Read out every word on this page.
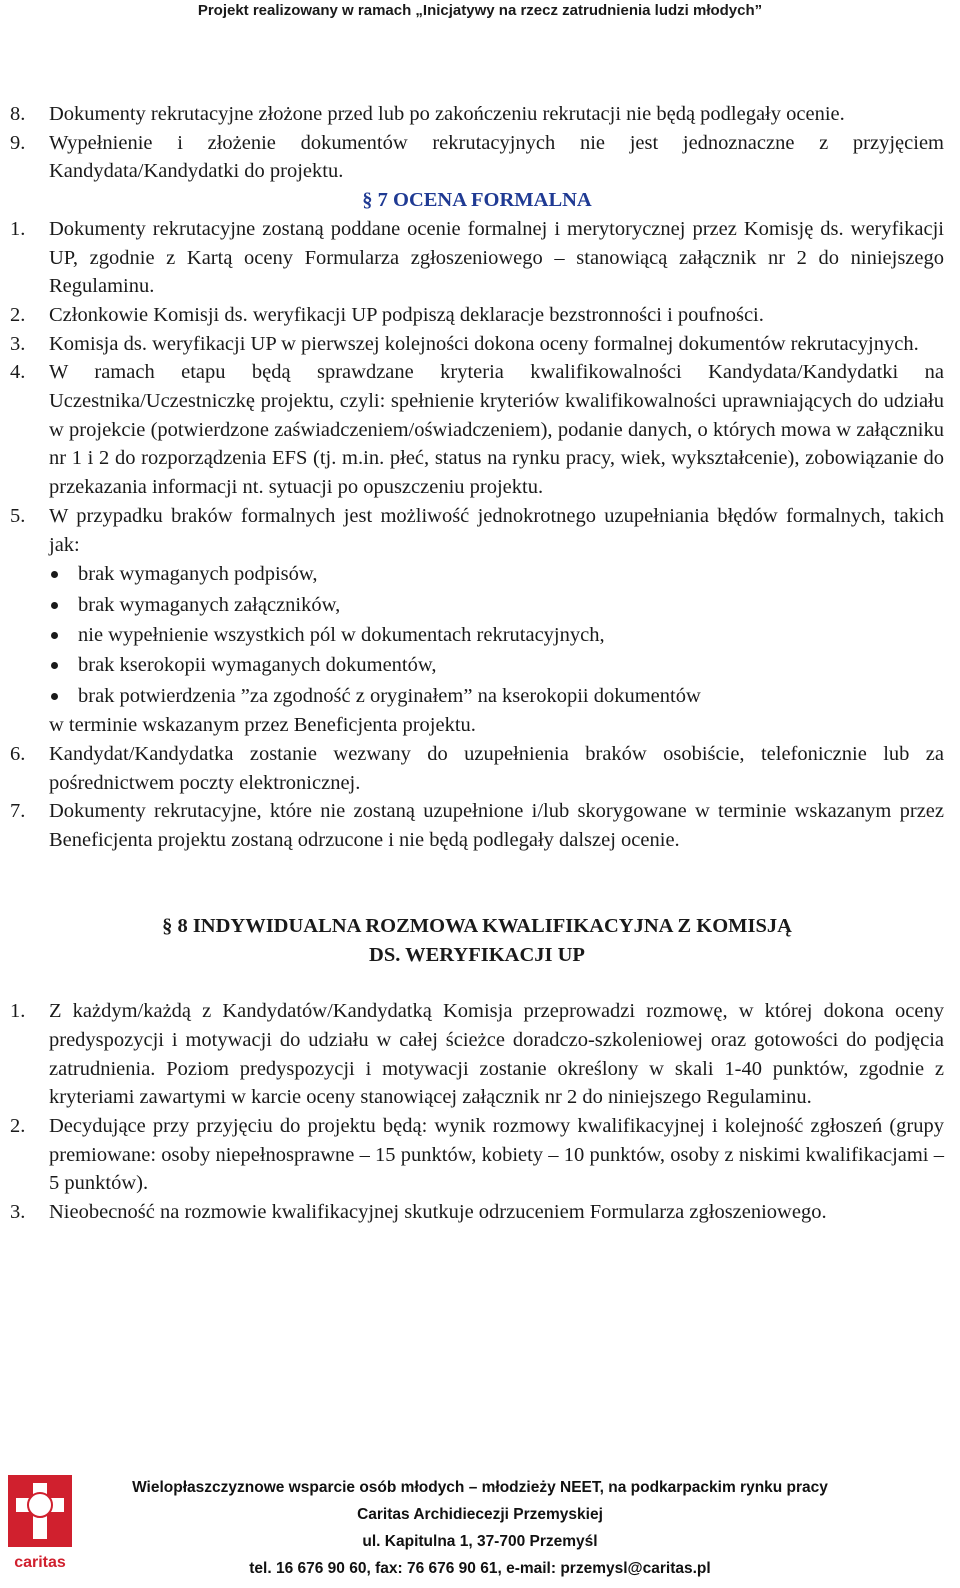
Projekt realizowany w ramach „Inicjatywy na rzecz zatrudnienia ludzi młodych”
8.	Dokumenty rekrutacyjne złożone przed lub po zakończeniu rekrutacji nie będą podlegały ocenie.
9.	Wypełnienie i złożenie dokumentów rekrutacyjnych nie jest jednoznaczne z przyjęciem Kandydata/Kandydatki do projektu.
§ 7 OCENA FORMALNA
1.	Dokumenty rekrutacyjne zostaną poddane ocenie formalnej i merytorycznej przez Komisję ds. weryfikacji UP, zgodnie z Kartą oceny Formularza zgłoszeniowego – stanowiącą załącznik nr 2 do niniejszego Regulaminu.
2.	Członkowie Komisji ds. weryfikacji UP podpiszą deklaracje bezstronności i poufności.
3.	Komisja ds. weryfikacji UP w pierwszej kolejności dokona oceny formalnej dokumentów rekrutacyjnych.
4.	W ramach etapu będą sprawdzane kryteria kwalifikowalności Kandydata/Kandydatki na Uczestnika/Uczestniczkę projektu, czyli: spełnienie kryteriów kwalifikowalności uprawniających do udziału w projekcie (potwierdzone zaświadczeniem/oświadczeniem), podanie danych, o których mowa w załączniku nr 1 i 2 do rozporządzenia EFS (tj. m.in. płeć, status na rynku pracy, wiek, wykształcenie), zobowiązanie do przekazania informacji nt. sytuacji po opuszczeniu projektu.
5.	W przypadku braków formalnych jest możliwość jednokrotnego uzupełniania błędów formalnych, takich jak:
brak wymaganych podpisów,
brak wymaganych załączników,
nie wypełnienie wszystkich pól w dokumentach rekrutacyjnych,
brak kserokopii wymaganych dokumentów,
brak potwierdzenia ”za zgodność z oryginałem” na kserokopii dokumentów
w terminie wskazanym przez Beneficjenta projektu.
6.	Kandydat/Kandydatka zostanie wezwany do uzupełnienia braków osobiście, telefonicznie lub za pośrednictwem poczty elektronicznej.
7.	Dokumenty rekrutacyjne, które nie zostaną uzupełnione i/lub skorygowane w terminie wskazanym przez Beneficjenta projektu zostaną odrzucone i nie będą podlegały dalszej ocenie.
§ 8 INDYWIDUALNA ROZMOWA KWALIFIKACYJNA Z KOMISJĄ
DS. WERYFIKACJI UP
1.	Z każdym/każdą z Kandydatów/Kandydatką Komisja przeprowadzi rozmowę, w której dokona oceny predyspozycji i motywacji do udziału w całej ścieżce doradczo-szkoleniowej oraz gotowości do podjęcia zatrudnienia. Poziom predyspozycji i motywacji zostanie określony w skali 1-40 punktów, zgodnie z kryteriami zawartymi w karcie oceny stanowiącej załącznik nr 2 do niniejszego Regulaminu.
2.	Decydujące przy przyjęciu do projektu będą: wynik rozmowy kwalifikacyjnej i kolejność zgłoszeń (grupy premiowane: osoby niepełnosprawne – 15 punktów, kobiety – 10 punktów, osoby z niskimi kwalifikacjami – 5 punktów).
3.	Nieobecność na rozmowie kwalifikacyjnej skutkuje odrzuceniem Formularza zgłoszeniowego.
caritas
Wielopłaszczyznowe wsparcie osób młodych – młodzieży NEET, na podkarpackim rynku pracy
Caritas Archidiecezji Przemyskiej
ul. Kapitulna 1, 37-700 Przemyśl
tel. 16 676 90 60, fax: 76 676 90 61, e-mail: przemysl@caritas.pl
